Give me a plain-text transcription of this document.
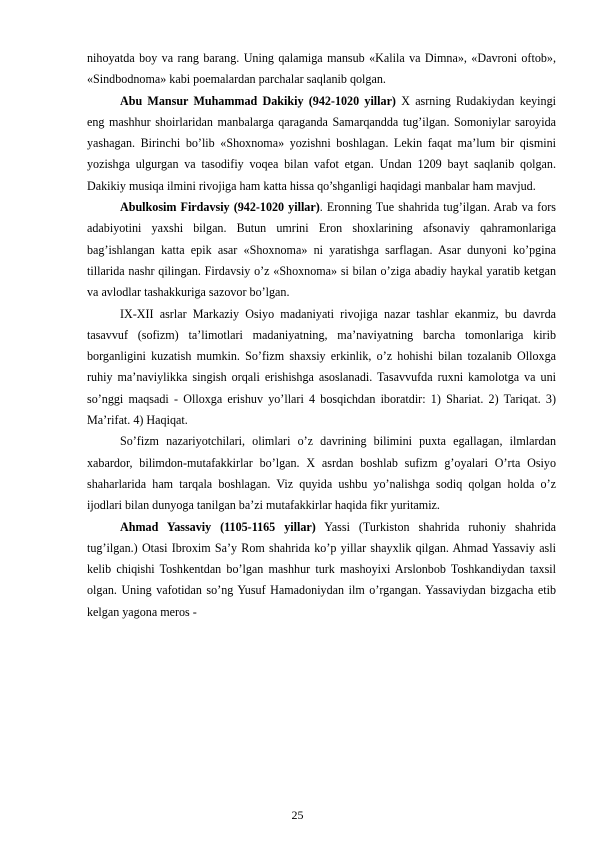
nihoyatda boy va rang barang. Uning qalamiga mansub «Kalila va Dimna», «Davroni oftob», «Sindbodnoma» kabi poemalardan parchalar saqlanib qolgan.

Abu Mansur Muhammad Dakikiy (942-1020 yillar) X asrning Rudakiydan keyingi eng mashhur shoirlaridan manbalarga qaraganda Samarqandda tug’ilgan. Somoniylar saroyida yashagan. Birinchi bo’lib «Shoxnoma» yozishni boshlagan. Lekin faqat ma’lum bir qismini yozishga ulgurgan va tasodifiy voqea bilan vafot etgan. Undan 1209 bayt saqlanib qolgan. Dakikiy musiqa ilmini rivojiga ham katta hissa qo’shganligi haqidagi manbalar ham mavjud.

Abulkosim Firdavsiy (942-1020 yillar). Eronning Tue shahrida tug’ilgan. Arab va fors adabiyotini yaxshi bilgan. Butun umrini Eron shoxlarining afsonaviy qahramonlariga bag’ishlangan katta epik asar «Shoxnoma» ni yaratishga sarflagan. Asar dunyoni ko’pgina tillarida nashr qilingan. Firdavsiy o’z «Shoxnoma» si bilan o’ziga abadiy haykal yaratib ketgan va avlodlar tashakkuriga sazovor bo’lgan.

IX-XII asrlar Markaziy Osiyo madaniyati rivojiga nazar tashlar ekanmiz, bu davrda tasavvuf (sofizm) ta’limotlari madaniyatning, ma’naviyatning barcha tomonlariga kirib borganligini kuzatish mumkin. So’fizm shaxsiy erkinlik, o’z hohishi bilan tozalanib Olloxga ruhiy ma’naviylikka singish orqali erishishga asoslanadi. Tasavvufda ruxni kamolotga va uni so’nggi maqsadi - Olloxga erishuv yo’llari 4 bosqichdan iboratdir: 1) Shariat. 2) Tariqat. 3) Ma’rifat. 4) Haqiqat.

So’fizm nazariyotchilari, olimlari o’z davrining bilimini puxta egallagan, ilmlardan xabardor, bilimdon-mutafakkirlar bo’lgan. X asrdan boshlab sufizm g’oyalari O’rta Osiyo shaharlarida ham tarqala boshlagan. Viz quyida ushbu yo’nalishga sodiq qolgan holda o’z ijodlari bilan dunyoga tanilgan ba’zi mutafakkirlar haqida fikr yuritamiz.

Ahmad Yassaviy (1105-1165 yillar) Yassi (Turkiston shahrida ruhoniy shahrida tug’ilgan.) Otasi Ibroxim Sa’y Rom shahrida ko’p yillar shayxlik qilgan. Ahmad Yassaviy asli kelib chiqishi Toshkentdan bo’lgan mashhur turk mashoyixi Arslonbob Toshkandiydan taxsil olgan. Uning vafotidan so’ng Yusuf Hamadoniydan ilm o’rgangan. Yassaviydan bizgacha etib kelgan yagona meros -

25
